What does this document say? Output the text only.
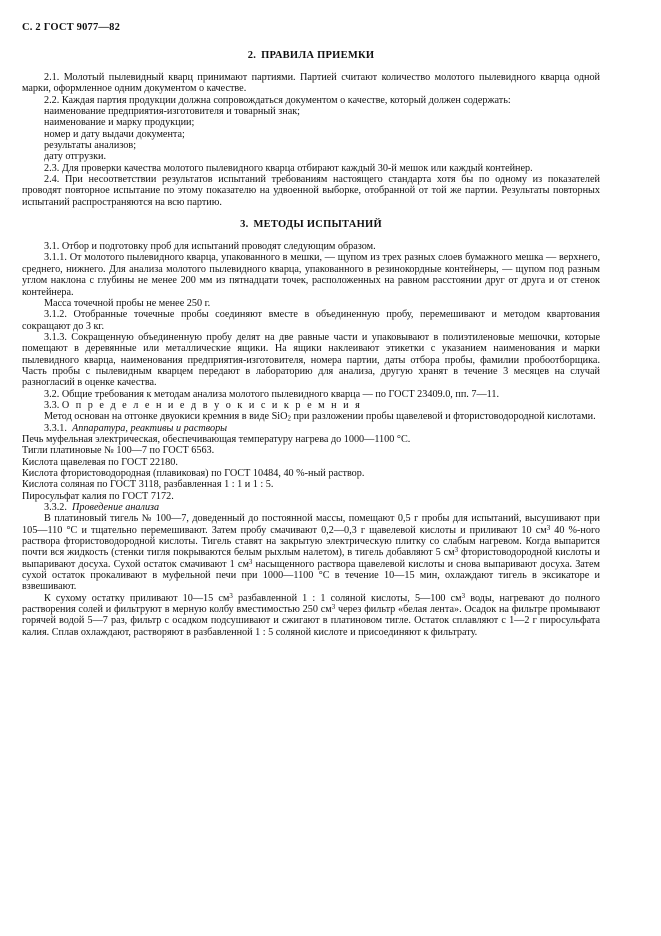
С. 2 ГОСТ 9077—82
2. ПРАВИЛА ПРИЕМКИ

2.1. Молотый пылевидный кварц принимают партиями. Партией считают количество молотого пылевидного кварца одной марки, оформленное одним документом о качестве.

2.2. Каждая партия продукции должна сопровождаться документом о качестве, который должен содержать:

наименование предприятия-изготовителя и товарный знак;

наименование и марку продукции;

номер и дату выдачи документа;

результаты анализов;

дату отгрузки.

2.3. Для проверки качества молотого пылевидного кварца отбирают каждый 30-й мешок или каждый контейнер.

2.4. При несоответствии результатов испытаний требованиям настоящего стандарта хотя бы по одному из показателей проводят повторное испытание по этому показателю на удвоенной выборке, отобранной от той же партии. Результаты повторных испытаний распространяются на всю партию.

3. МЕТОДЫ ИСПЫТАНИЙ

3.1. Отбор и подготовку проб для испытаний проводят следующим образом.

3.1.1. От молотого пылевидного кварца, упакованного в мешки, — щупом из трех разных слоев бумажного мешка — верхнего, среднего, нижнего. Для анализа молотого пылевидного кварца, упакованного в резинокордные контейнеры, — щупом под разным углом наклона с глубины не менее 200 мм из пятнадцати точек, расположенных на равном расстоянии друг от друга и от стенок контейнера.

Масса точечной пробы не менее 250 г.

3.1.2. Отобранные точечные пробы соединяют вместе в объединенную пробу, перемешивают и методом квартования сокращают до 3 кг.

3.1.3. Сокращенную объединенную пробу делят на две равные части и упаковывают в полиэтиленовые мешочки, которые помещают в деревянные или металлические ящики. На ящики наклеивают этикетки с указанием наименования и марки пылевидного кварца, наименования предприятия-изготовителя, номера партии, даты отбора пробы, фамилии пробоотборщика. Часть пробы с пылевидным кварцем передают в лабораторию для анализа, другую хранят в течение 3 месяцев на случай разногласий в оценке качества.

3.2. Общие требования к методам анализа молотого пылевидного кварца — по ГОСТ 23409.0, пп. 7—11.

3.3. О п р е д е л е н и е д в у о к и с и к р е м н и я

Метод основан на отгонке двуокиси кремния в виде SiO$_2$ при разложении пробы щавелевой и фтористоводородной кислотами.

3.3.1. Аппаратура, реактивы и растворы

Печь муфельная электрическая, обеспечивающая температуру нагрева до 1000—1100 °С.

Тигли платиновые № 100—7 по ГОСТ 6563.

Кислота щавелевая по ГОСТ 22180.

Кислота фтористоводородная (плавиковая) по ГОСТ 10484, 40 %-ный раствор.

Кислота соляная по ГОСТ 3118, разбавленная 1 : 1 и 1 : 5.

Пиросульфат калия по ГОСТ 7172.

3.3.2. Проведение анализа

В платиновый тигель № 100—7, доведенный до постоянной массы, помещают 0,5 г пробы для испытаний, высушивают при 105—110 °С и тщательно перемешивают. Затем пробу смачивают 0,2—0,3 г щавелевой кислоты и приливают 10 $см^3$ 40 %-ного раствора фтористоводородной кислоты. Тигель ставят на закрытую электрическую плитку со слабым нагревом. Когда выпарится почти вся жидкость (стенки тигля покрываются белым рыхлым налетом), в тигель добавляют 5 $см^3$ фтористоводородной кислоты и выпаривают досуха. Сухой остаток смачивают 1 $см^3$ насыщенного раствора щавелевой кислоты и снова выпаривают досуха. Затем сухой остаток прокаливают в муфельной печи при 1000—1100 °С в течение 10—15 мин, охлаждают тигель в эксикаторе и взвешивают.

К сухому остатку приливают 10—15 $см^3$ разбавленной 1 : 1 соляной кислоты, 5—100 $см^3$ воды, нагревают до полного растворения солей и фильтруют в мерную колбу вместимостью 250 $см^3$ через фильтр «белая лента». Осадок на фильтре промывают горячей водой 5—7 раз, фильтр с осадком подсушивают и сжигают в платиновом тигле. Остаток сплавляют с 1—2 г пиросульфата калия. Сплав охлаждают, растворяют в разбавленной 1 : 5 соляной кислоте и присоединяют к фильтрату.
